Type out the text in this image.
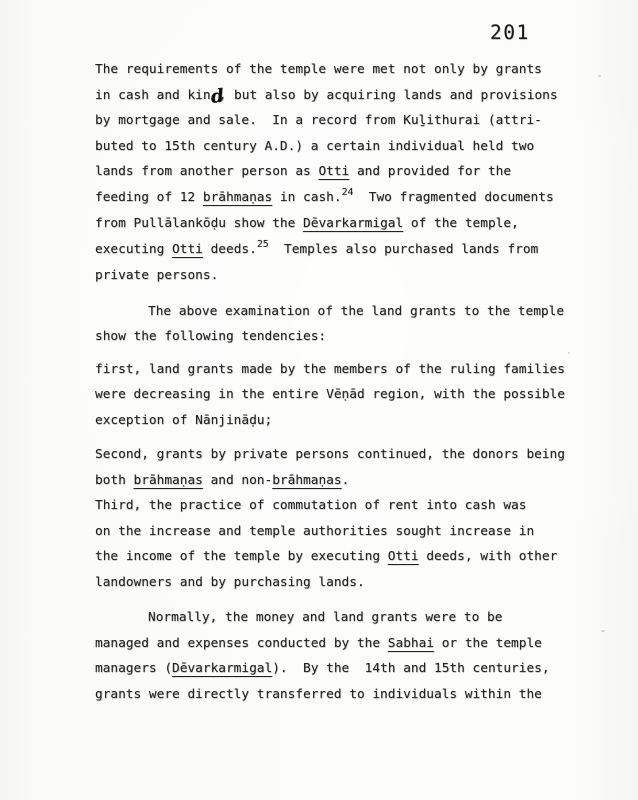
201
The requirements of the temple were met not only by grants
in cash and kind, but also by acquiring lands and provisions
by mortgage and sale.  In a record from Kuḻithurai (attri-
buted to 15th century A.D.) a certain individual held two
lands from another person as Otti and provided for the
feeding of 12 brāhmaṇas in cash.24  Two fragmented documents
from Pullālankōḍu show the Dēvarkarmigal of the temple,
executing Otti deeds.25  Temples also purchased lands from
private persons.
The above examination of the land grants to the temple
show the following tendencies:
first, land grants made by the members of the ruling families
were decreasing in the entire Vēṇād region, with the possible
exception of Nānjināḍu;
Second, grants by private persons continued, the donors being
both brāhmaṇas and non-brāhmaṇas.
Third, the practice of commutation of rent into cash was
on the increase and temple authorities sought increase in
the income of the temple by executing Otti deeds, with other
landowners and by purchasing lands.
Normally, the money and land grants were to be
managed and expenses conducted by the Sabhai or the temple
managers (Dēvarkarmigal).  By the  14th and 15th centuries,
grants were directly transferred to individuals within the
